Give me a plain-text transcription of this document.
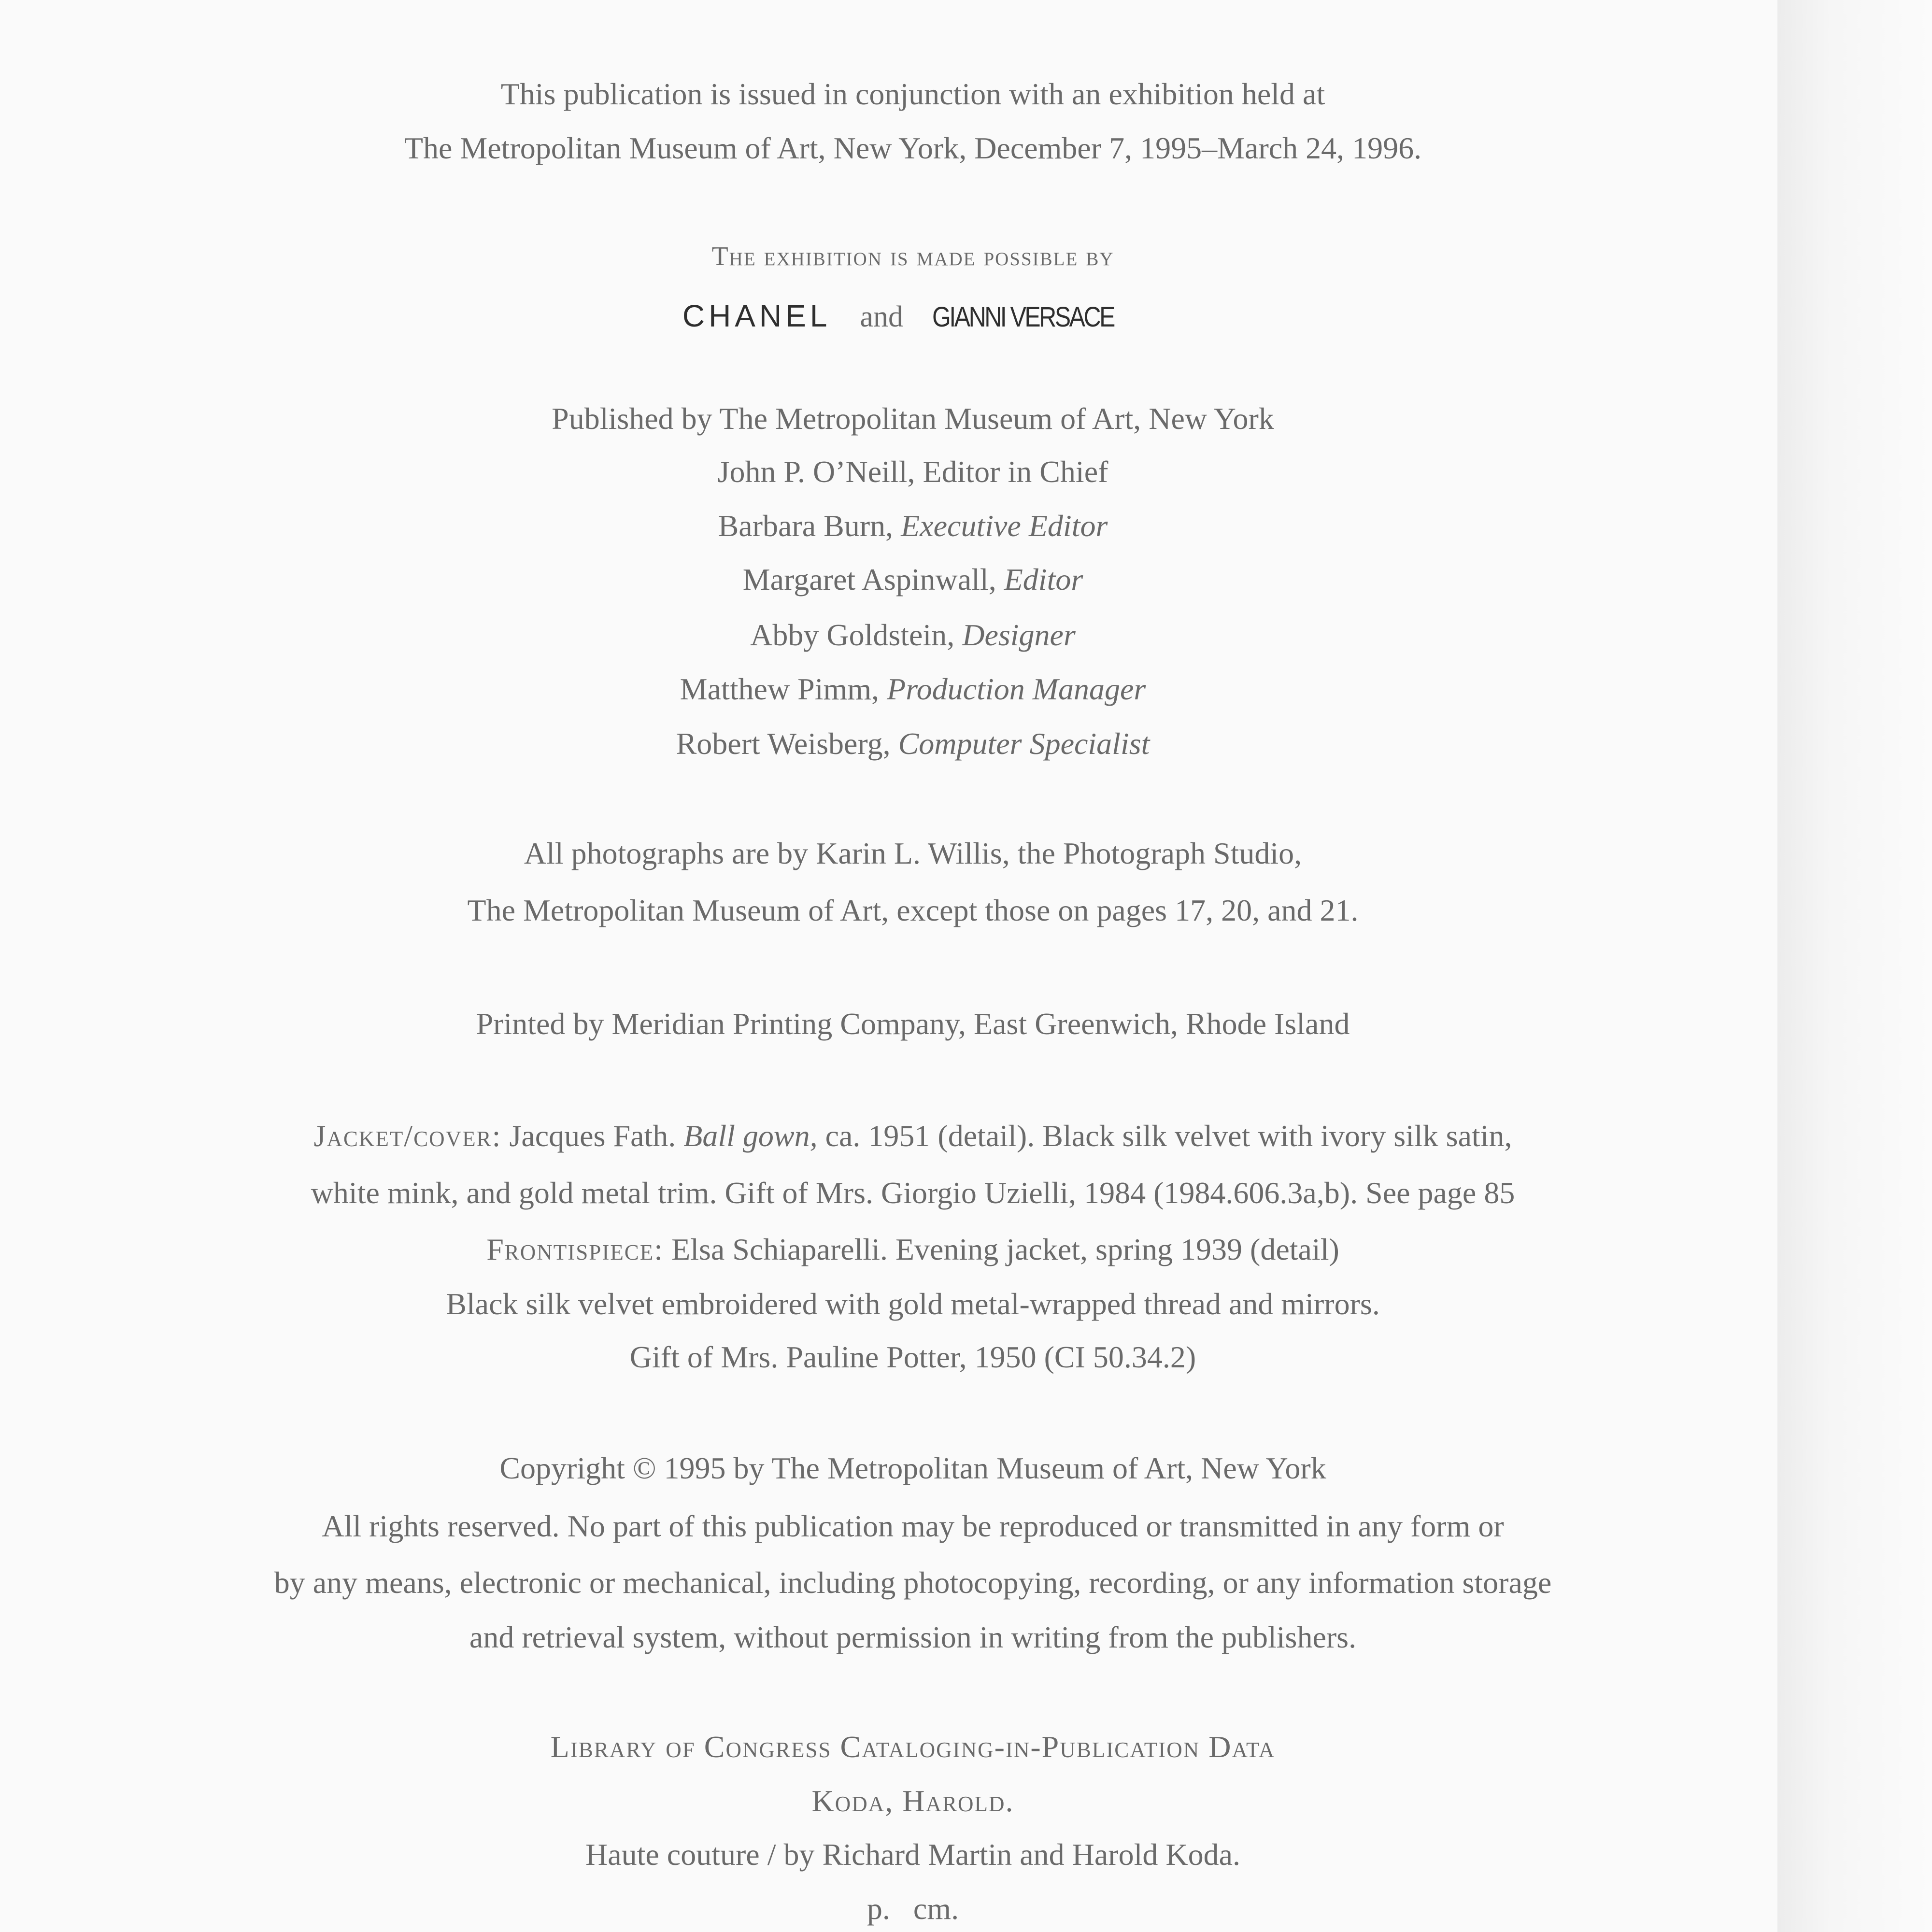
This publication is issued in conjunction with an exhibition held at
The Metropolitan Museum of Art, New York, December 7, 1995–March 24, 1996.
The exhibition is made possible by
CHANEL and GIANNI VERSACE
Published by The Metropolitan Museum of Art, New York
John P. O’Neill, Editor in Chief
Barbara Burn, Executive Editor
Margaret Aspinwall, Editor
Abby Goldstein, Designer
Matthew Pimm, Production Manager
Robert Weisberg, Computer Specialist
All photographs are by Karin L. Willis, the Photograph Studio,
The Metropolitan Museum of Art, except those on pages 17, 20, and 21.
Printed by Meridian Printing Company, East Greenwich, Rhode Island
Jacket/cover: Jacques Fath. Ball gown, ca. 1951 (detail). Black silk velvet with ivory silk satin,
white mink, and gold metal trim. Gift of Mrs. Giorgio Uzielli, 1984 (1984.606.3a,b). See page 85
Frontispiece: Elsa Schiaparelli. Evening jacket, spring 1939 (detail)
Black silk velvet embroidered with gold metal-wrapped thread and mirrors.
Gift of Mrs. Pauline Potter, 1950 (CI 50.34.2)
Copyright © 1995 by The Metropolitan Museum of Art, New York
All rights reserved. No part of this publication may be reproduced or transmitted in any form or
by any means, electronic or mechanical, including photocopying, recording, or any information storage
and retrieval system, without permission in writing from the publishers.
Library of Congress Cataloging-in-Publication Data
Koda, Harold.
Haute couture / by Richard Martin and Harold Koda.
p.   cm.
